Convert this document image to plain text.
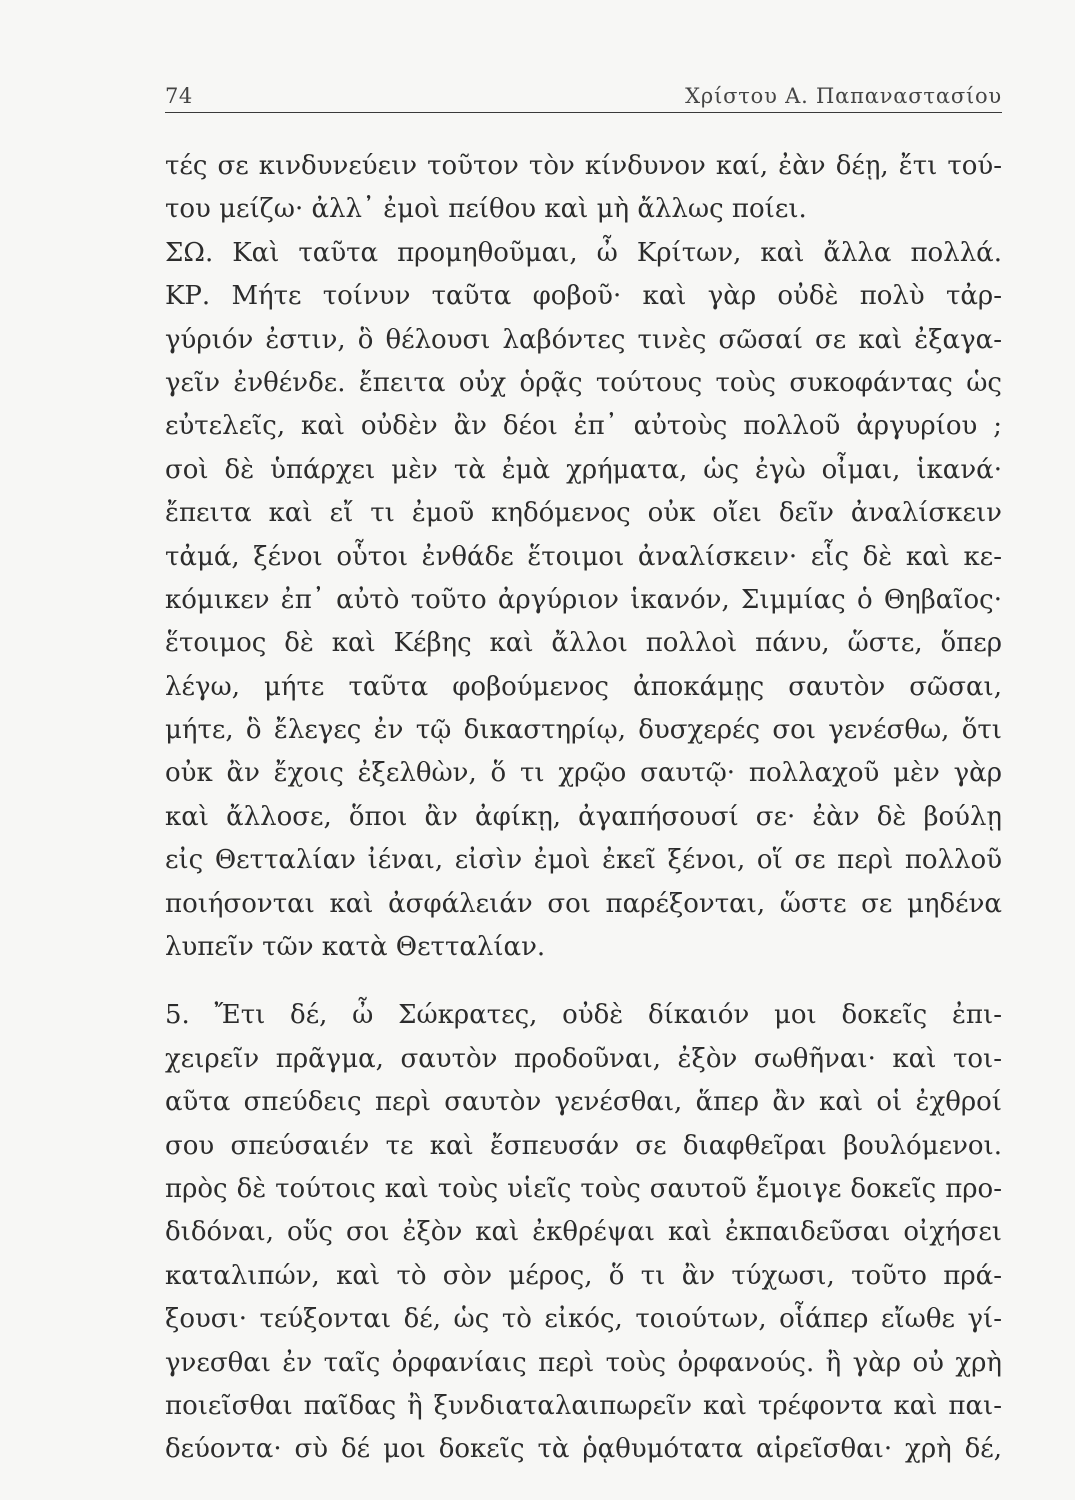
74	Χρίστου Α. Παπαναστασίου
τές σε κινδυνεύειν τοῦτον τὸν κίνδυνον καί, ἐὰν δέῃ, ἔτι τού-
του μείζω· ἀλλ᾽ ἐμοὶ πείθου καὶ μὴ ἄλλως ποίει.
ΣΩ. Καὶ ταῦτα προμηθοῦμαι, ὦ Κρίτων, καὶ ἄλλα πολλά.
ΚΡ. Μήτε τοίνυν ταῦτα φοβοῦ· καὶ γὰρ οὐδὲ πολὺ τἀρ-
γύριόν ἐστιν, ὃ θέλουσι λαβόντες τινὲς σῶσαί σε καὶ ἐξαγα-
γεῖν ἐνθένδε. ἔπειτα οὐχ ὁρᾷς τούτους τοὺς συκοφάντας ὡς
εὐτελεῖς, καὶ οὐδὲν ἂν δέοι ἐπ᾽ αὐτοὺς πολλοῦ ἀργυρίου ;
σοὶ δὲ ὑπάρχει μὲν τὰ ἐμὰ χρήματα, ὡς ἐγὼ οἶμαι, ἱκανά·
ἔπειτα καὶ εἴ τι ἐμοῦ κηδόμενος οὐκ οἴει δεῖν ἀναλίσκειν
τἀμά, ξένοι οὗτοι ἐνθάδε ἕτοιμοι ἀναλίσκειν· εἷς δὲ καὶ κε-
κόμικεν ἐπ᾽ αὐτὸ τοῦτο ἀργύριον ἱκανόν, Σιμμίας ὁ Θηβαῖος·
ἕτοιμος δὲ καὶ Κέβης καὶ ἄλλοι πολλοὶ πάνυ, ὥστε, ὅπερ
λέγω, μήτε ταῦτα φοβούμενος ἀποκάμῃς σαυτὸν σῶσαι,
μήτε, ὃ ἔλεγες ἐν τῷ δικαστηρίῳ, δυσχερές σοι γενέσθω, ὅτι
οὐκ ἂν ἔχοις ἐξελθὼν, ὅ τι χρῷο σαυτῷ· πολλαχοῦ μὲν γὰρ
καὶ ἄλλοσε, ὅποι ἂν ἀφίκῃ, ἀγαπήσουσί σε· ἐὰν δὲ βούλῃ
εἰς Θετταλίαν ἰέναι, εἰσὶν ἐμοὶ ἐκεῖ ξένοι, οἵ σε περὶ πολλοῦ
ποιήσονται καὶ ἀσφάλειάν σοι παρέξονται, ὥστε σε μηδένα
λυπεῖν τῶν κατὰ Θετταλίαν.
5. Ἔτι δέ, ὦ Σώκρατες, οὐδὲ δίκαιόν μοι δοκεῖς ἐπι-
χειρεῖν πρᾶγμα, σαυτὸν προδοῦναι, ἐξὸν σωθῆναι· καὶ τοι-
αῦτα σπεύδεις περὶ σαυτὸν γενέσθαι, ἅπερ ἂν καὶ οἱ ἐχθροί
σου σπεύσαιέν τε καὶ ἔσπευσάν σε διαφθεῖραι βουλόμενοι.
πρὸς δὲ τούτοις καὶ τοὺς υἱεῖς τοὺς σαυτοῦ ἔμοιγε δοκεῖς προ-
διδόναι, οὕς σοι ἐξὸν καὶ ἐκθρέψαι καὶ ἐκπαιδεῦσαι οἰχήσει
καταλιπών, καὶ τὸ σὸν μέρος, ὅ τι ἂν τύχωσι, τοῦτο πρά-
ξουσι· τεύξονται δέ, ὡς τὸ εἰκός, τοιούτων, οἷάπερ εἴωθε γί-
γνεσθαι ἐν ταῖς ὀρφανίαις περὶ τοὺς ὀρφανούς. ἢ γὰρ οὐ χρὴ
ποιεῖσθαι παῖδας ἢ ξυνδιαταλαιπωρεῖν καὶ τρέφοντα καὶ παι-
δεύοντα· σὺ δέ μοι δοκεῖς τὰ ῥᾳθυμότατα αἱρεῖσθαι· χρὴ δέ,
